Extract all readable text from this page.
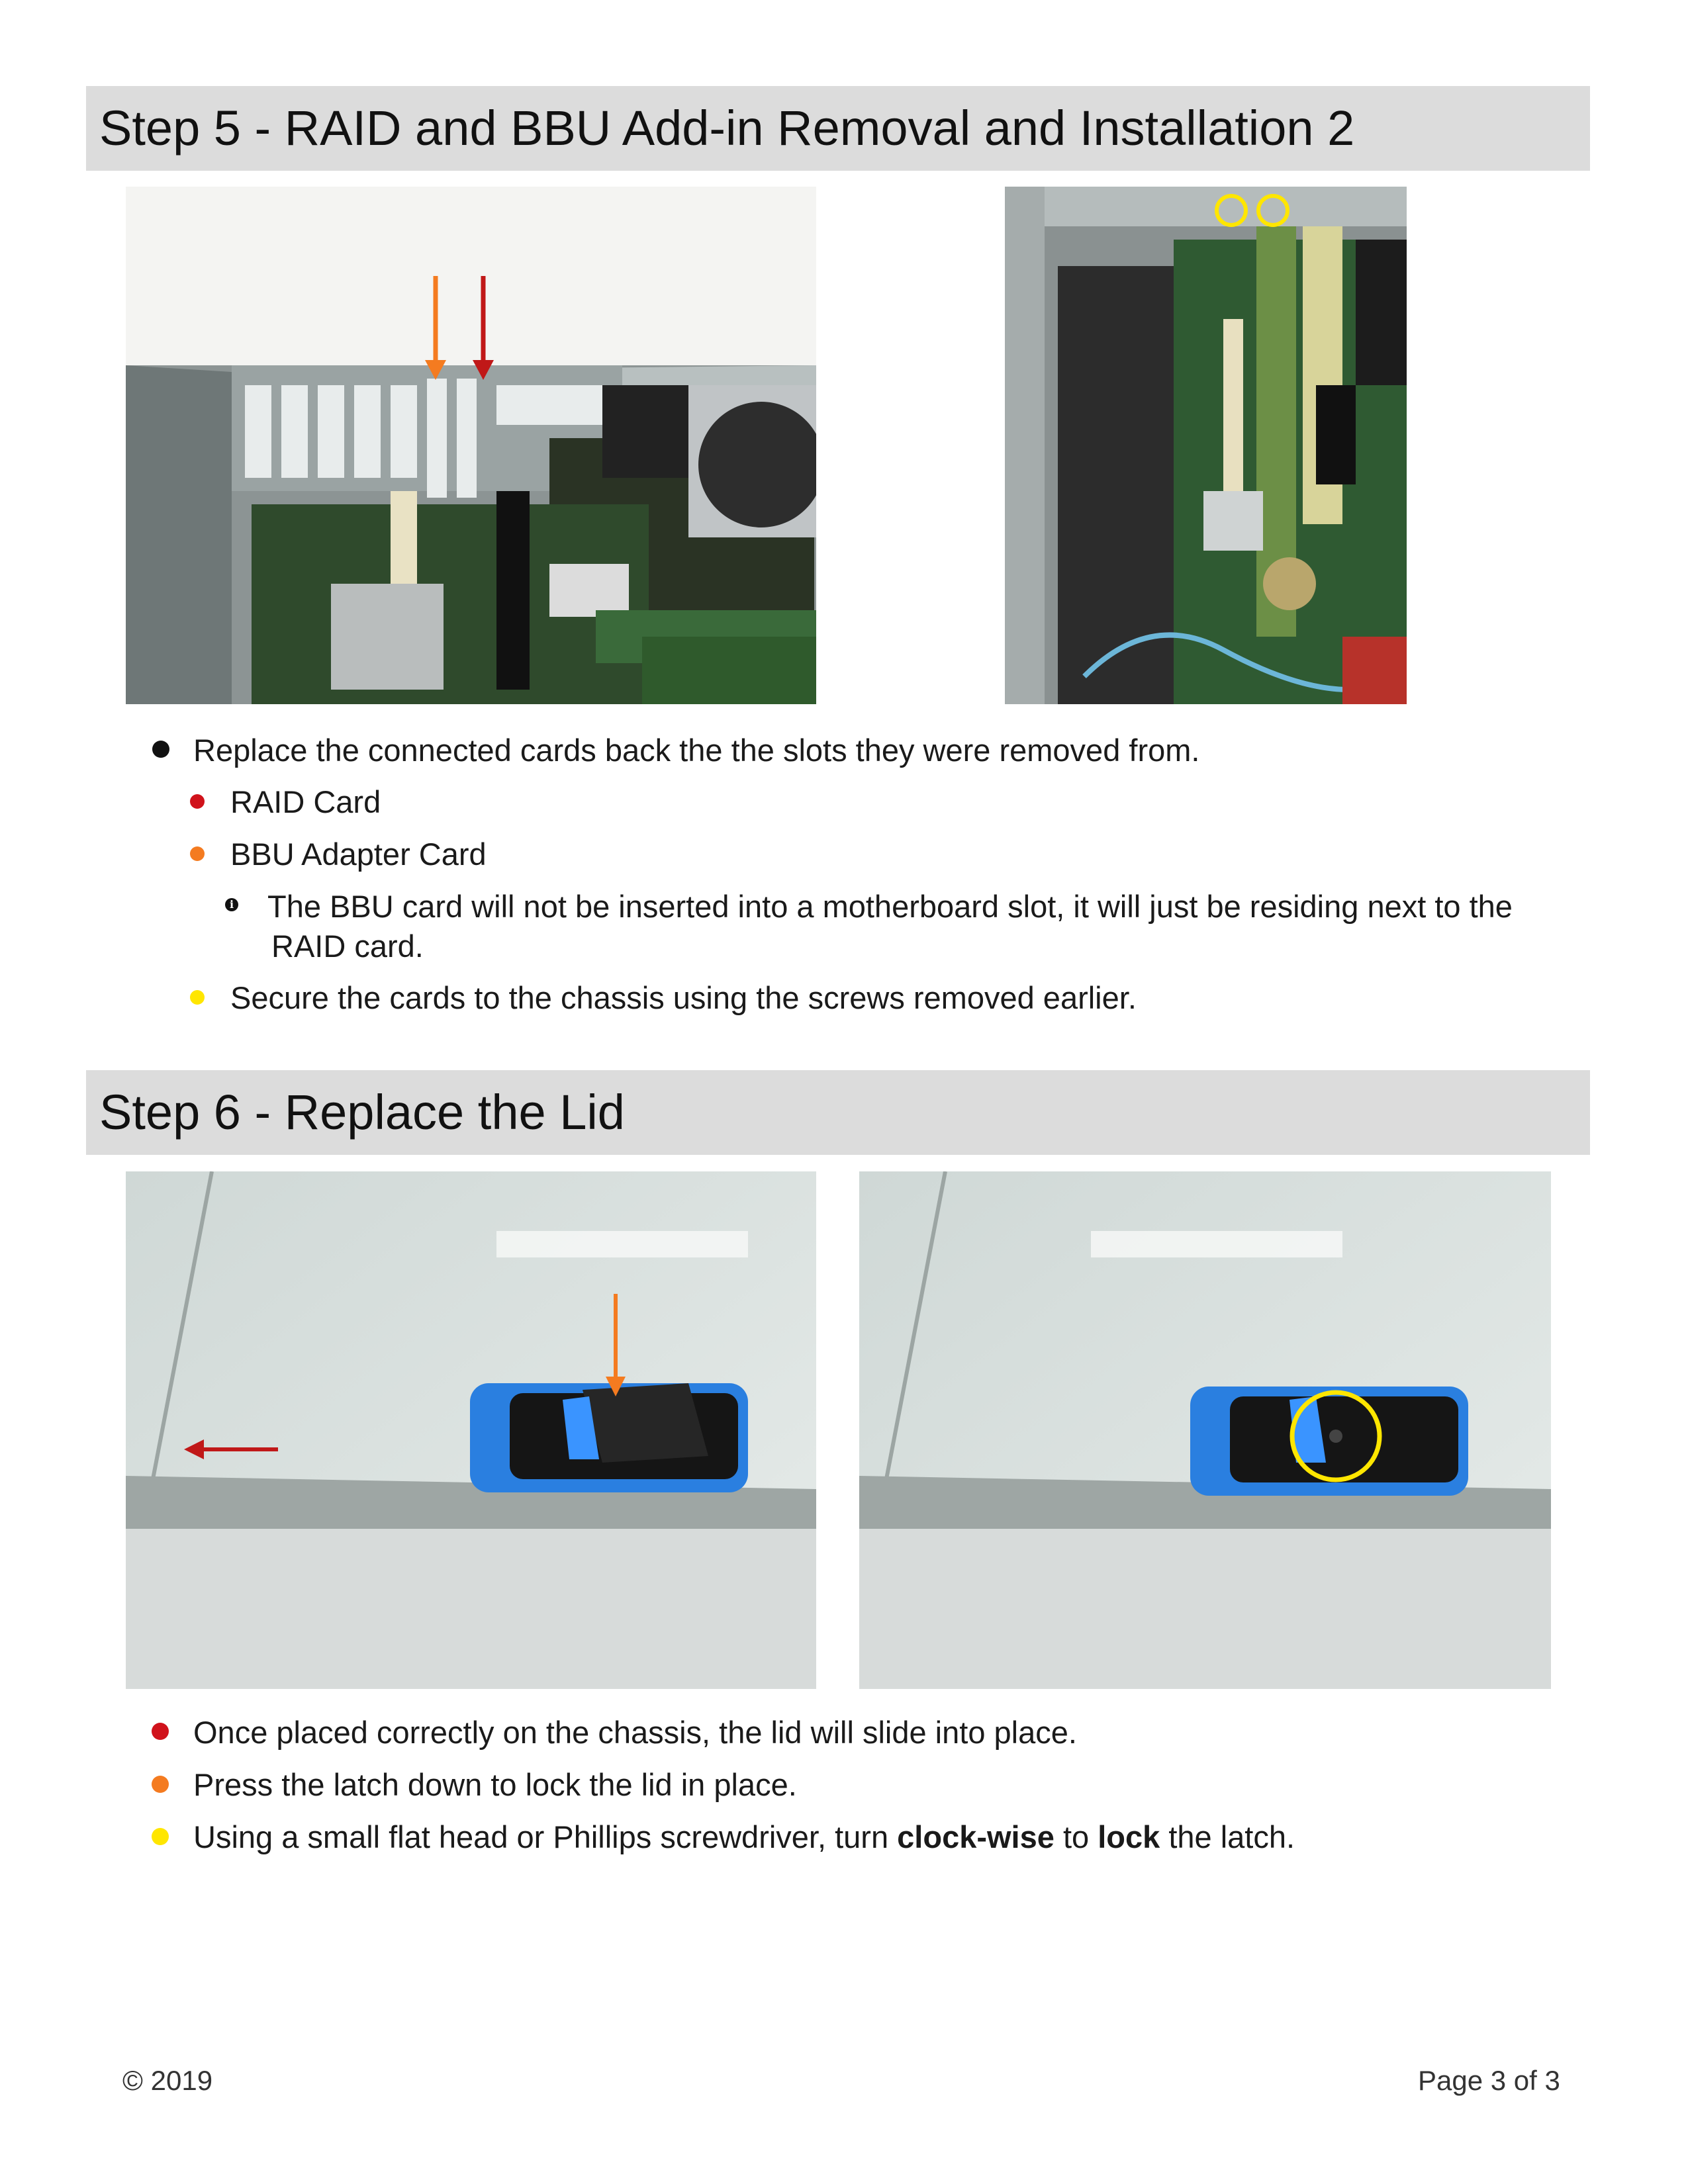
Step 5 - RAID and BBU Add-in Removal and Installation 2
Replace the connected cards back the the slots they were removed from.
RAID Card
BBU Adapter Card
i The BBU card will not be inserted into a motherboard slot, it will just be residing next to the
RAID card.
Secure the cards to the chassis using the screws removed earlier.
Step 6 - Replace the Lid
Once placed correctly on the chassis, the lid will slide into place.
Press the latch down to lock the lid in place.
Using a small flat head or Phillips screwdriver, turn clock-wise to lock the latch.
© 2019	Page 3 of 3
